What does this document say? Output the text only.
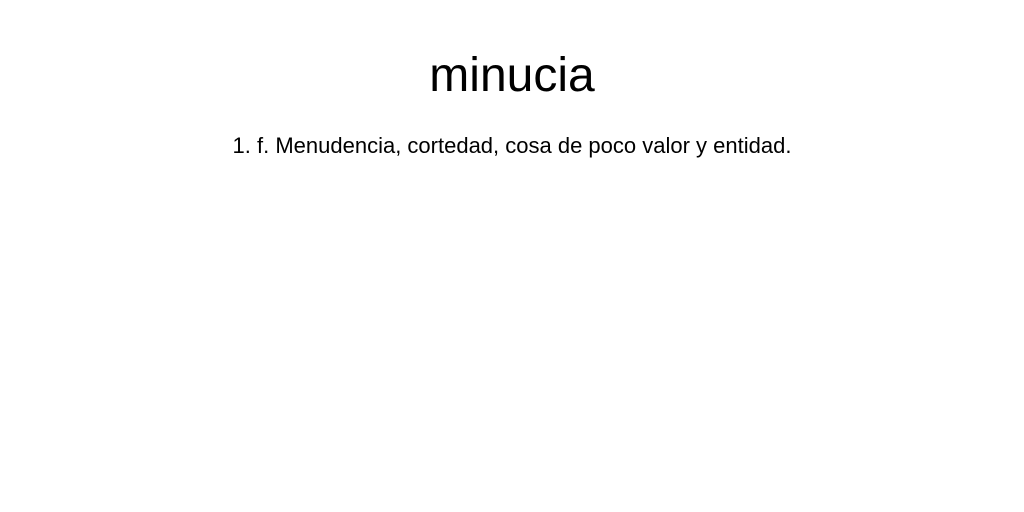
minucia

1. f. Menudencia, cortedad, cosa de poco valor y entidad.
